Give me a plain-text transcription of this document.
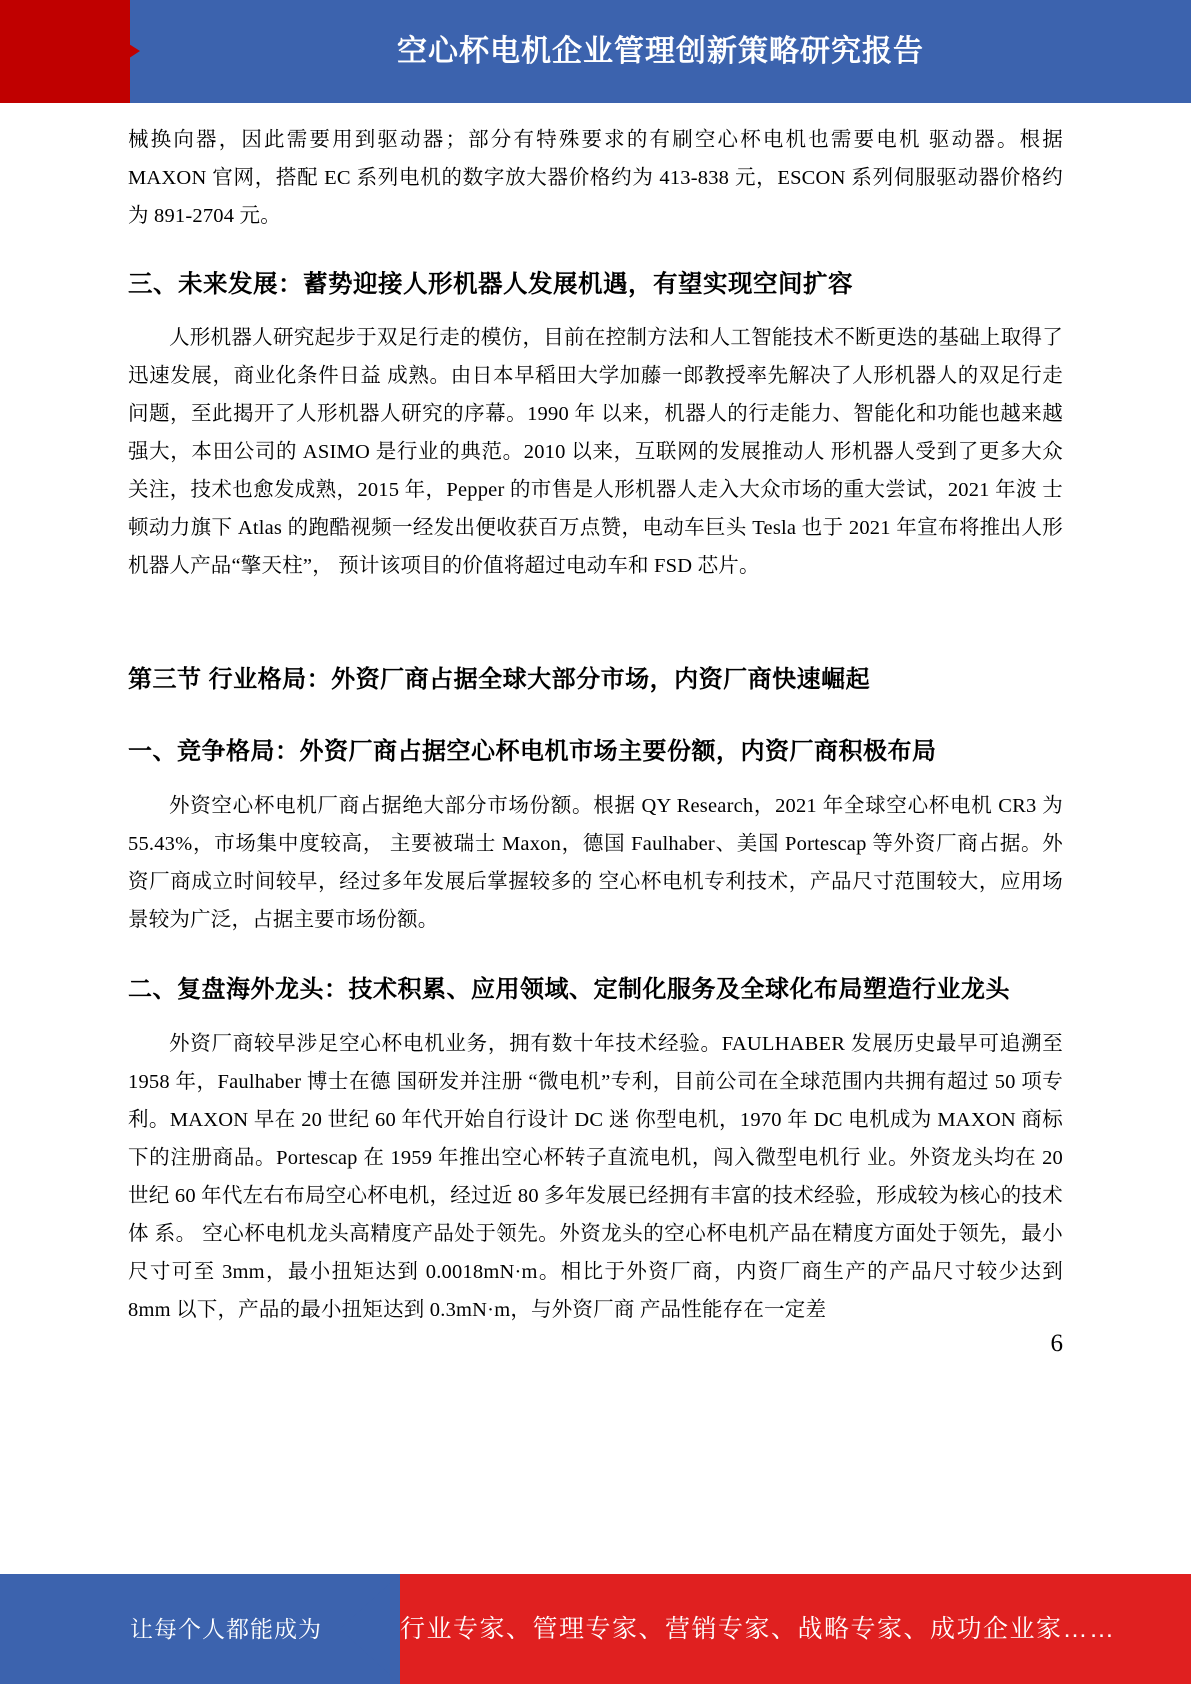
空心杯电机企业管理创新策略研究报告

械换向器，因此需要用到驱动器；部分有特殊要求的有刷空心杯电机也需要电机 驱动器。根据 MAXON 官网，搭配 EC 系列电机的数字放大器价格约为 413-838 元，ESCON 系列伺服驱动器价格约为 891-2704 元。

三、未来发展：蓄势迎接人形机器人发展机遇，有望实现空间扩容

人形机器人研究起步于双足行走的模仿，目前在控制方法和人工智能技术不断更迭的基础上取得了迅速发展，商业化条件日益 成熟。由日本早稻田大学加藤一郎教授率先解决了人形机器人的双足行走问题，至此揭开了人形机器人研究的序幕。1990 年 以来，机器人的行走能力、智能化和功能也越来越强大，本田公司的 ASIMO 是行业的典范。2010 以来，互联网的发展推动人 形机器人受到了更多大众关注，技术也愈发成熟，2015 年，Pepper 的市售是人形机器人走入大众市场的重大尝试，2021 年波 士顿动力旗下 Atlas 的跑酷视频一经发出便收获百万点赞，电动车巨头 Tesla 也于 2021 年宣布将推出人形机器人产品“擎天柱”， 预计该项目的价值将超过电动车和 FSD 芯片。

第三节 行业格局：外资厂商占据全球大部分市场，内资厂商快速崛起
一、竞争格局：外资厂商占据空心杯电机市场主要份额，内资厂商积极布局

外资空心杯电机厂商占据绝大部分市场份额。根据 QY Research，2021 年全球空心杯电机 CR3 为 55.43%，市场集中度较高， 主要被瑞士 Maxon，德国 Faulhaber、美国 Portescap 等外资厂商占据。外资厂商成立时间较早，经过多年发展后掌握较多的 空心杯电机专利技术，产品尺寸范围较大，应用场景较为广泛，占据主要市场份额。

二、复盘海外龙头：技术积累、应用领域、定制化服务及全球化布局塑造行业龙头

外资厂商较早涉足空心杯电机业务，拥有数十年技术经验。FAULHABER 发展历史最早可追溯至 1958 年，Faulhaber 博士在德 国研发并注册 “微电机”专利，目前公司在全球范围内共拥有超过 50 项专利。MAXON 早在 20 世纪 60 年代开始自行设计 DC 迷 你型电机，1970 年 DC 电机成为 MAXON 商标下的注册商品。Portescap 在 1959 年推出空心杯转子直流电机，闯入微型电机行 业。外资龙头均在 20 世纪 60 年代左右布局空心杯电机，经过近 80 多年发展已经拥有丰富的技术经验，形成较为核心的技术体 系。 空心杯电机龙头高精度产品处于领先。外资龙头的空心杯电机产品在精度方面处于领先，最小尺寸可至 3mm，最小扭矩达到 0.0018mN·m。相比于外资厂商，内资厂商生产的产品尺寸较少达到 8mm 以下，产品的最小扭矩达到 0.3mN·m，与外资厂商 产品性能存在一定差

6
让每个人都能成为	行业专家、管理专家、营销专家、战略专家、成功企业家……
